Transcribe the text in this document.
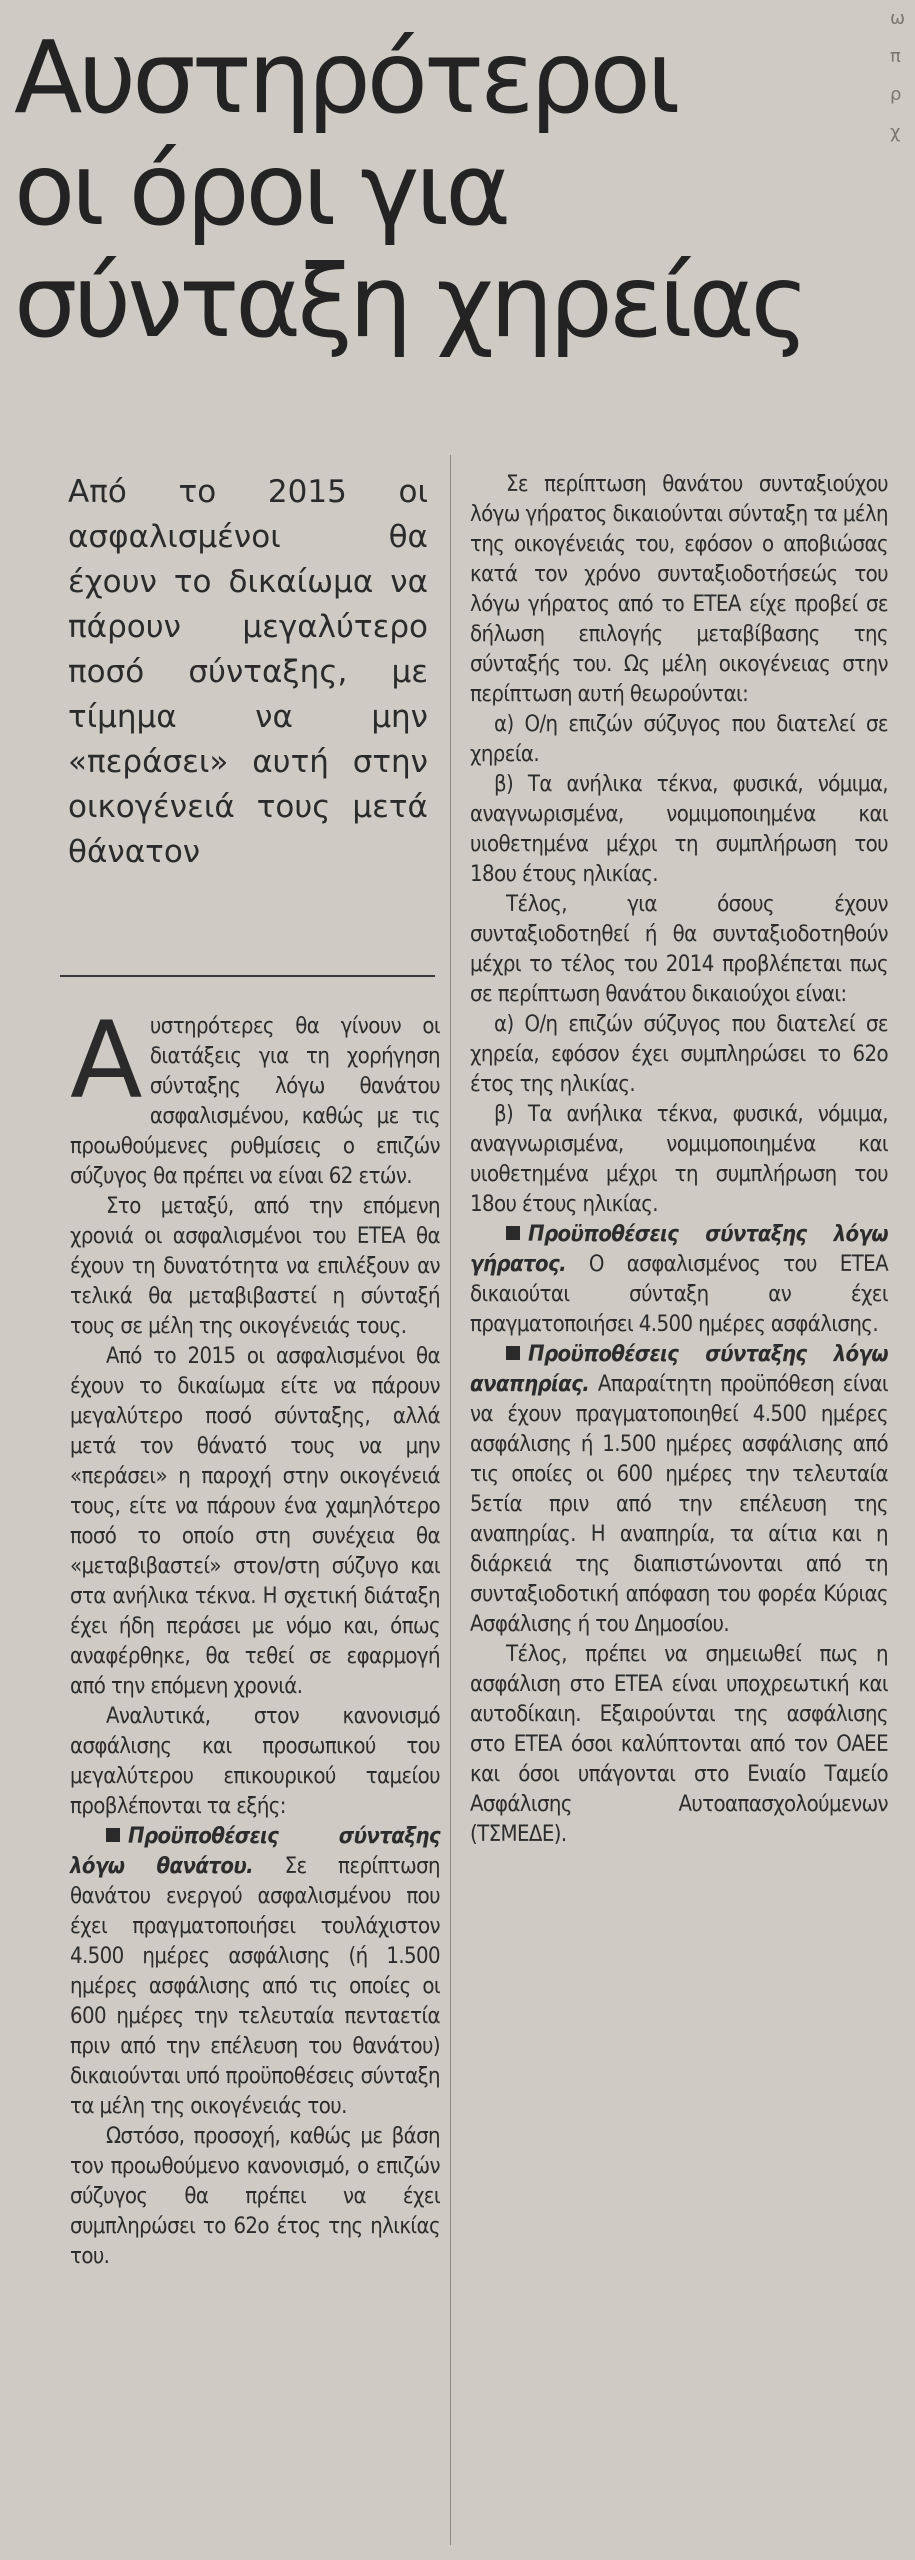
ω
π
ρ
χ
Αυστηρότεροι
οι όροι για
σύνταξη χηρείας
Από το 2015 οι ασφαλισμένοι θα έχουν το δικαίωμα να πάρουν μεγαλύτερο ποσό σύνταξης, με τίμημα να μην «περάσει» αυτή στην οικογένειά τους μετά θάνατον

Αυστηρότερες θα γίνουν οι διατάξεις για τη χορήγηση σύνταξης λόγω θανάτου ασφαλισμένου, καθώς με τις προωθούμενες ρυθμίσεις ο επιζών σύζυγος θα πρέπει να είναι 62 ετών.

Στο μεταξύ, από την επόμενη χρονιά οι ασφαλισμένοι του ΕΤΕΑ θα έχουν τη δυνατότητα να επιλέξουν αν τελικά θα μεταβιβαστεί η σύνταξή τους σε μέλη της οικογένειάς τους.

Από το 2015 οι ασφαλισμένοι θα έχουν το δικαίωμα είτε να πάρουν μεγαλύτερο ποσό σύνταξης, αλλά μετά τον θάνατό τους να μην «περάσει» η παροχή στην οικογένειά τους, είτε να πάρουν ένα χαμηλότερο ποσό το οποίο στη συνέχεια θα «μεταβιβαστεί» στον/στη σύζυγο και στα ανήλικα τέκνα. Η σχετική διάταξη έχει ήδη περάσει με νόμο και, όπως αναφέρθηκε, θα τεθεί σε εφαρμογή από την επόμενη χρονιά.

Αναλυτικά, στον κανονισμό ασφάλισης και προσωπικού του μεγαλύτερου επικουρικού ταμείου προβλέπονται τα εξής:

Προϋποθέσεις σύνταξης λόγω θανάτου. Σε περίπτωση θανάτου ενεργού ασφαλισμένου που έχει πραγματοποιήσει τουλάχιστον 4.500 ημέρες ασφάλισης (ή 1.500 ημέρες ασφάλισης από τις οποίες οι 600 ημέρες την τελευταία πενταετία πριν από την επέλευση του θανάτου) δικαιούνται υπό προϋποθέσεις σύνταξη τα μέλη της οικογένειάς του.

Ωστόσο, προσοχή, καθώς με βάση τον προωθούμενο κανονισμό, ο επιζών σύζυγος θα πρέπει να έχει συμπληρώσει το 62ο έτος της ηλικίας του.

Σε περίπτωση θανάτου συνταξιούχου λόγω γήρατος δικαιούνται σύνταξη τα μέλη της οικογένειάς του, εφόσον ο αποβιώσας κατά τον χρόνο συνταξιοδοτήσεώς του λόγω γήρατος από το ΕΤΕΑ είχε προβεί σε δήλωση επιλογής μεταβίβασης της σύνταξής του. Ως μέλη οικογένειας στην περίπτωση αυτή θεωρούνται:

α) Ο/η επιζών σύζυγος που διατελεί σε χηρεία.

β) Τα ανήλικα τέκνα, φυσικά, νόμιμα, αναγνωρισμένα, νομιμοποιημένα και υιοθετημένα μέχρι τη συμπλήρωση του 18ου έτους ηλικίας.

Τέλος, για όσους έχουν συνταξιοδοτηθεί ή θα συνταξιοδοτηθούν μέχρι το τέλος του 2014 προβλέπεται πως σε περίπτωση θανάτου δικαιούχοι είναι:

α) Ο/η επιζών σύζυγος που διατελεί σε χηρεία, εφόσον έχει συμπληρώσει το 62ο έτος της ηλικίας.

β) Τα ανήλικα τέκνα, φυσικά, νόμιμα, αναγνωρισμένα, νομιμοποιημένα και υιοθετημένα μέχρι τη συμπλήρωση του 18ου έτους ηλικίας.

Προϋποθέσεις σύνταξης λόγω γήρατος. Ο ασφαλισμένος του ΕΤΕΑ δικαιούται σύνταξη αν έχει πραγματοποιήσει 4.500 ημέρες ασφάλισης.

Προϋποθέσεις σύνταξης λόγω αναπηρίας. Απαραίτητη προϋπόθεση είναι να έχουν πραγματοποιηθεί 4.500 ημέρες ασφάλισης ή 1.500 ημέρες ασφάλισης από τις οποίες οι 600 ημέρες την τελευταία 5ετία πριν από την επέλευση της αναπηρίας. Η αναπηρία, τα αίτια και η διάρκειά της διαπιστώνονται από τη συνταξιοδοτική απόφαση του φορέα Κύριας Ασφάλισης ή του Δημοσίου.

Τέλος, πρέπει να σημειωθεί πως η ασφάλιση στο ΕΤΕΑ είναι υποχρεωτική και αυτοδίκαιη. Εξαιρούνται της ασφάλισης στο ΕΤΕΑ όσοι καλύπτονται από τον ΟΑΕΕ και όσοι υπάγονται στο Ενιαίο Ταμείο Ασφάλισης Αυτοαπασχολούμενων (ΤΣΜΕΔΕ).
